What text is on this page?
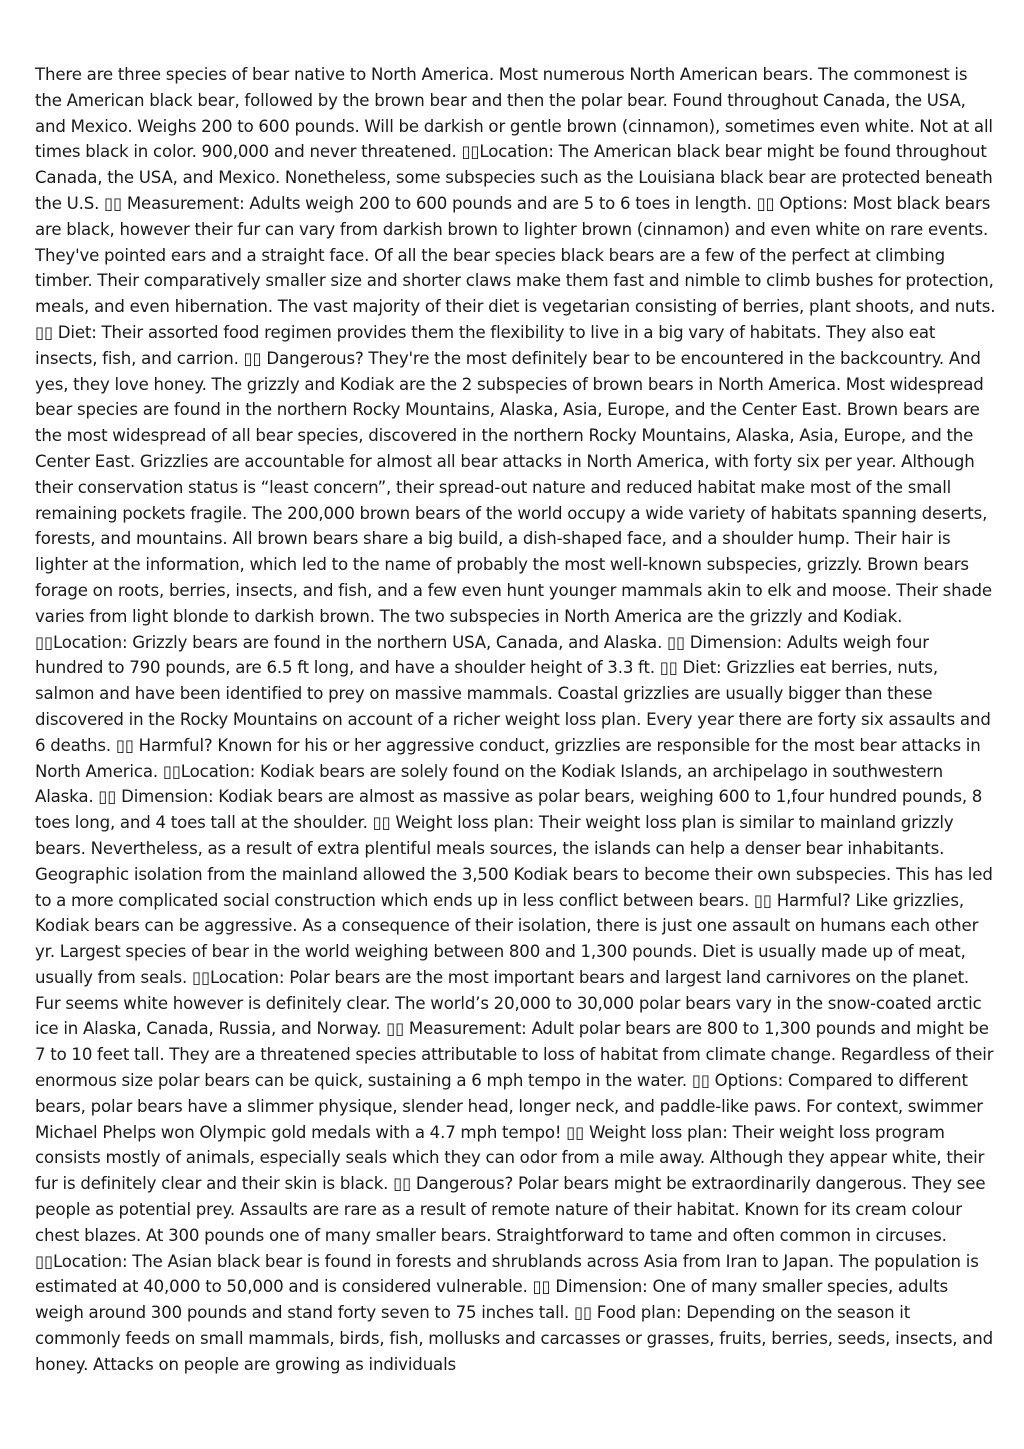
There are three species of bear native to North America. Most numerous North American bears. The commonest is the American black bear, followed by the brown bear and then the polar bear. Found throughout Canada, the USA, and Mexico. Weighs 200 to 600 pounds. Will be darkish or gentle brown (cinnamon), sometimes even white. Not at all times black in color. 900,000 and never threatened. ▯▯Location: The American black bear might be found throughout Canada, the USA, and Mexico. Nonetheless, some subspecies such as the Louisiana black bear are protected beneath the U.S. ▯▯ Measurement: Adults weigh 200 to 600 pounds and are 5 to 6 toes in length. ▯▯ Options: Most black bears are black, however their fur can vary from darkish brown to lighter brown (cinnamon) and even white on rare events. They've pointed ears and a straight face. Of all the bear species black bears are a few of the perfect at climbing timber. Their comparatively smaller size and shorter claws make them fast and nimble to climb bushes for protection, meals, and even hibernation. The vast majority of their diet is vegetarian consisting of berries, plant shoots, and nuts. ▯▯ Diet: Their assorted food regimen provides them the flexibility to live in a big vary of habitats. They also eat insects, fish, and carrion. ▯▯ Dangerous? They're the most definitely bear to be encountered in the backcountry. And yes, they love honey. The grizzly and Kodiak are the 2 subspecies of brown bears in North America. Most widespread bear species are found in the northern Rocky Mountains, Alaska, Asia, Europe, and the Center East. Brown bears are the most widespread of all bear species, discovered in the northern Rocky Mountains, Alaska, Asia, Europe, and the Center East. Grizzlies are accountable for almost all bear attacks in North America, with forty six per year. Although their conservation status is “least concern”, their spread-out nature and reduced habitat make most of the small remaining pockets fragile. The 200,000 brown bears of the world occupy a wide variety of habitats spanning deserts, forests, and mountains. All brown bears share a big build, a dish-shaped face, and a shoulder hump. Their hair is lighter at the information, which led to the name of probably the most well-known subspecies, grizzly. Brown bears forage on roots, berries, insects, and fish, and a few even hunt younger mammals akin to elk and moose. Their shade varies from light blonde to darkish brown. The two subspecies in North America are the grizzly and Kodiak. ▯▯Location: Grizzly bears are found in the northern USA, Canada, and Alaska. ▯▯ Dimension: Adults weigh four hundred to 790 pounds, are 6.5 ft long, and have a shoulder height of 3.3 ft. ▯▯ Diet: Grizzlies eat berries, nuts, salmon and have been identified to prey on massive mammals. Coastal grizzlies are usually bigger than these discovered in the Rocky Mountains on account of a richer weight loss plan. Every year there are forty six assaults and 6 deaths. ▯▯ Harmful? Known for his or her aggressive conduct, grizzlies are responsible for the most bear attacks in North America. ▯▯Location: Kodiak bears are solely found on the Kodiak Islands, an archipelago in southwestern Alaska. ▯▯ Dimension: Kodiak bears are almost as massive as polar bears, weighing 600 to 1,four hundred pounds, 8 toes long, and 4 toes tall at the shoulder. ▯▯ Weight loss plan: Their weight loss plan is similar to mainland grizzly bears. Nevertheless, as a result of extra plentiful meals sources, the islands can help a denser bear inhabitants. Geographic isolation from the mainland allowed the 3,500 Kodiak bears to become their own subspecies. This has led to a more complicated social construction which ends up in less conflict between bears. ▯▯ Harmful? Like grizzlies, Kodiak bears can be aggressive. As a consequence of their isolation, there is just one assault on humans each other yr. Largest species of bear in the world weighing between 800 and 1,300 pounds. Diet is usually made up of meat, usually from seals. ▯▯Location: Polar bears are the most important bears and largest land carnivores on the planet. Fur seems white however is definitely clear. The world’s 20,000 to 30,000 polar bears vary in the snow-coated arctic ice in Alaska, Canada, Russia, and Norway. ▯▯ Measurement: Adult polar bears are 800 to 1,300 pounds and might be 7 to 10 feet tall. They are a threatened species attributable to loss of habitat from climate change. Regardless of their enormous size polar bears can be quick, sustaining a 6 mph tempo in the water. ▯▯ Options: Compared to different bears, polar bears have a slimmer physique, slender head, longer neck, and paddle-like paws. For context, swimmer Michael Phelps won Olympic gold medals with a 4.7 mph tempo! ▯▯ Weight loss plan: Their weight loss program consists mostly of animals, especially seals which they can odor from a mile away. Although they appear white, their fur is definitely clear and their skin is black. ▯▯ Dangerous? Polar bears might be extraordinarily dangerous. They see people as potential prey. Assaults are rare as a result of remote nature of their habitat. Known for its cream colour chest blazes. At 300 pounds one of many smaller bears. Straightforward to tame and often common in circuses. ▯▯Location: The Asian black bear is found in forests and shrublands across Asia from Iran to Japan. The population is estimated at 40,000 to 50,000 and is considered vulnerable. ▯▯ Dimension: One of many smaller species, adults weigh around 300 pounds and stand forty seven to 75 inches tall. ▯▯ Food plan: Depending on the season it commonly feeds on small mammals, birds, fish, mollusks and carcasses or grasses, fruits, berries, seeds, insects, and honey. Attacks on people are growing as individuals
